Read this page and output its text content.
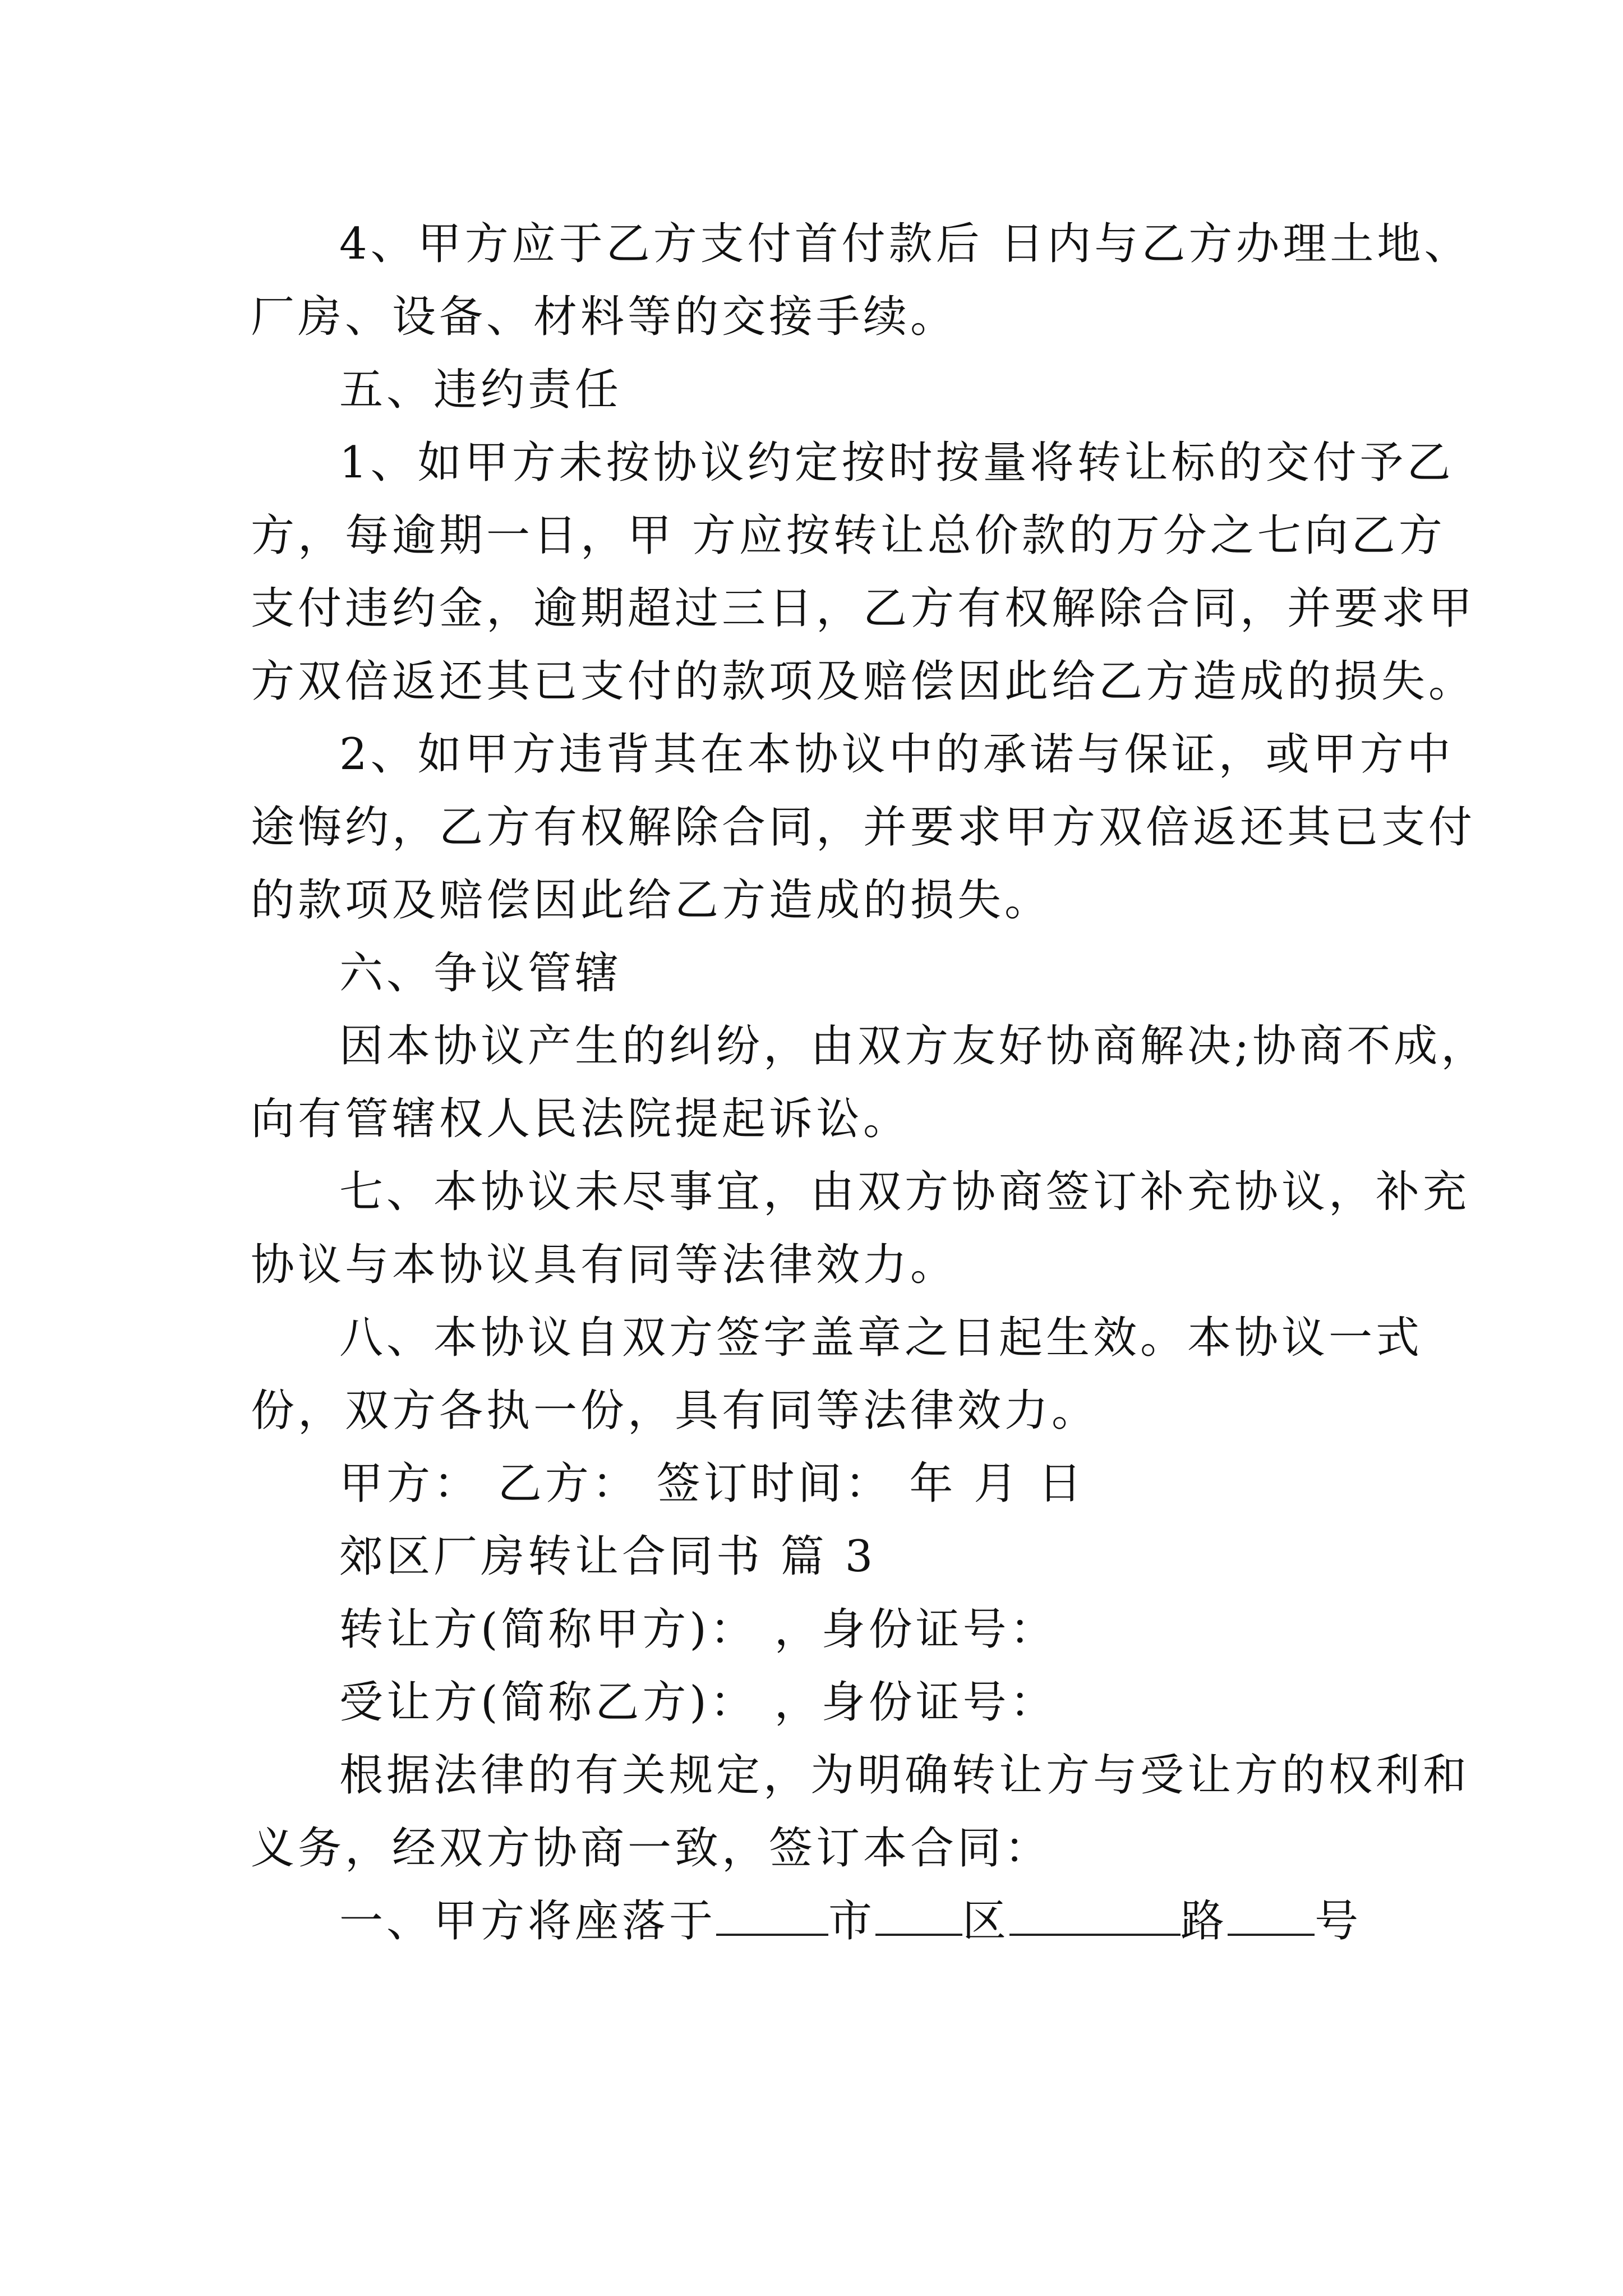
4、甲方应于乙方支付首付款后 日内与乙方办理土地、
厂房、设备、材料等的交接手续。
五、违约责任
1、如甲方未按协议约定按时按量将转让标的交付予乙
方，每逾期一日，甲 方应按转让总价款的万分之七向乙方
支付违约金，逾期超过三日，乙方有权解除合同，并要求甲
方双倍返还其已支付的款项及赔偿因此给乙方造成的损失。
2、如甲方违背其在本协议中的承诺与保证，或甲方中
途悔约，乙方有权解除合同，并要求甲方双倍返还其已支付
的款项及赔偿因此给乙方造成的损失。
六、争议管辖
因本协议产生的纠纷，由双方友好协商解决;协商不成，
向有管辖权人民法院提起诉讼。
七、本协议未尽事宜，由双方协商签订补充协议，补充
协议与本协议具有同等法律效力。
八、本协议自双方签字盖章之日起生效。本协议一式
份，双方各执一份，具有同等法律效力。
甲方： 乙方： 签订时间： 年 月 日
郊区厂房转让合同书 篇 3
转让方(简称甲方)： ，身份证号：
受让方(简称乙方)： ，身份证号：
根据法律的有关规定，为明确转让方与受让方的权利和
义务，经双方协商一致，签订本合同：
一、甲方将座落于	市 区	路 号
